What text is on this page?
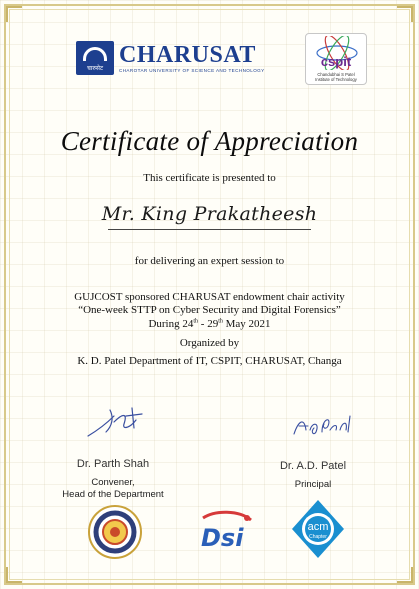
चारुसेट CHARUSAT
CHAROTAR UNIVERSITY OF SCIENCE AND TECHNOLOGY
cspit
Chandubhai S Patel
Institute of Technology
Certificate of Appreciation
This certificate is presented to
Mr. King Prakatheesh
for delivering an expert session to
GUJCOST sponsored CHARUSAT endowment chair activity
“One-week STTP on Cyber Security and Digital Forensics”
During 24th - 29th May 2021
Organized by
K. D. Patel Department of IT, CSPIT, CHARUSAT, Changa
Dr. Parth Shah
Convener,
Head of the Department
Dr. A.D. Patel
Principal
Dsi	acm
Chapter
